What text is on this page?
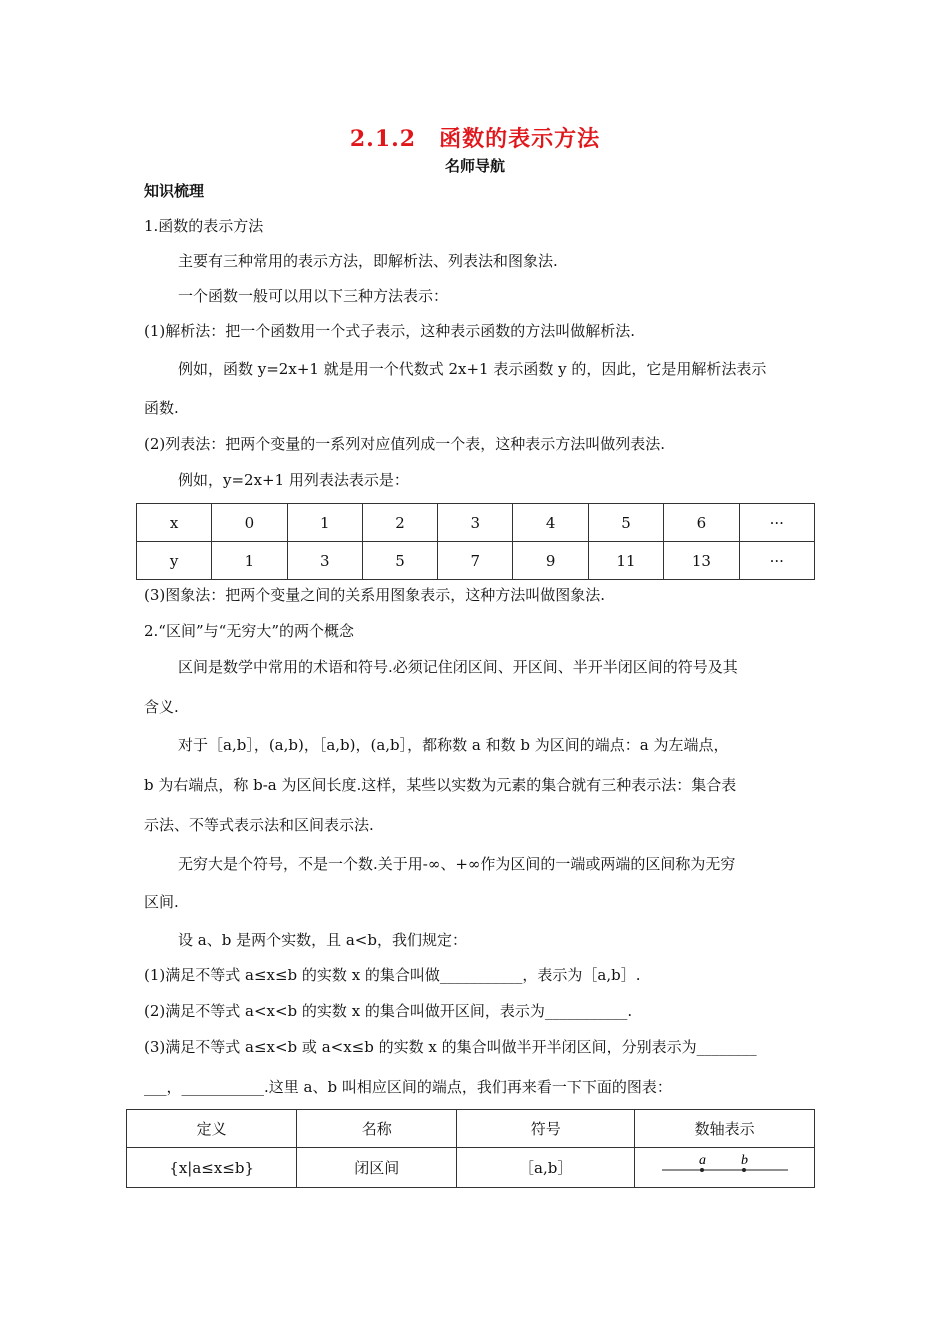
2.1.2　函数的表示方法
名师导航
知识梳理
1.函数的表示方法
主要有三种常用的表示方法，即解析法、列表法和图象法.
一个函数一般可以用以下三种方法表示：
(1)解析法：把一个函数用一个式子表示，这种表示函数的方法叫做解析法.
例如，函数 y=2x+1 就是用一个代数式 2x+1 表示函数 y 的，因此，它是用解析法表示
函数.
(2)列表法：把两个变量的一系列对应值列成一个表，这种表示方法叫做列表法.
例如，y=2x+1 用列表法表示是：
x	0	1	2	3	4	5	6	···
y	1	3	5	7	9	11	13	···
(3)图象法：把两个变量之间的关系用图象表示，这种方法叫做图象法.
2.“区间”与“无穷大”的两个概念
区间是数学中常用的术语和符号.必须记住闭区间、开区间、半开半闭区间的符号及其
含义.
对于［a,b］，(a,b)，［a,b)，(a,b］，都称数 a 和数 b 为区间的端点：a 为左端点，
b 为右端点，称 b-a 为区间长度.这样，某些以实数为元素的集合就有三种表示法：集合表
示法、不等式表示法和区间表示法.
无穷大是个符号，不是一个数.关于用-∞、+∞作为区间的一端或两端的区间称为无穷
区间.
设 a、b 是两个实数，且 a<b，我们规定：
(1)满足不等式 a≤x≤b 的实数 x 的集合叫做___________，表示为［a,b］.
(2)满足不等式 a<x<b 的实数 x 的集合叫做开区间，表示为___________.
(3)满足不等式 a≤x<b 或 a<x≤b 的实数 x 的集合叫做半开半闭区间，分别表示为________
___，___________.这里 a、b 叫相应区间的端点，我们再来看一下下面的图表：
定义	名称	符号	数轴表示
{x|a≤x≤b}	闭区间	［a,b］	a b
